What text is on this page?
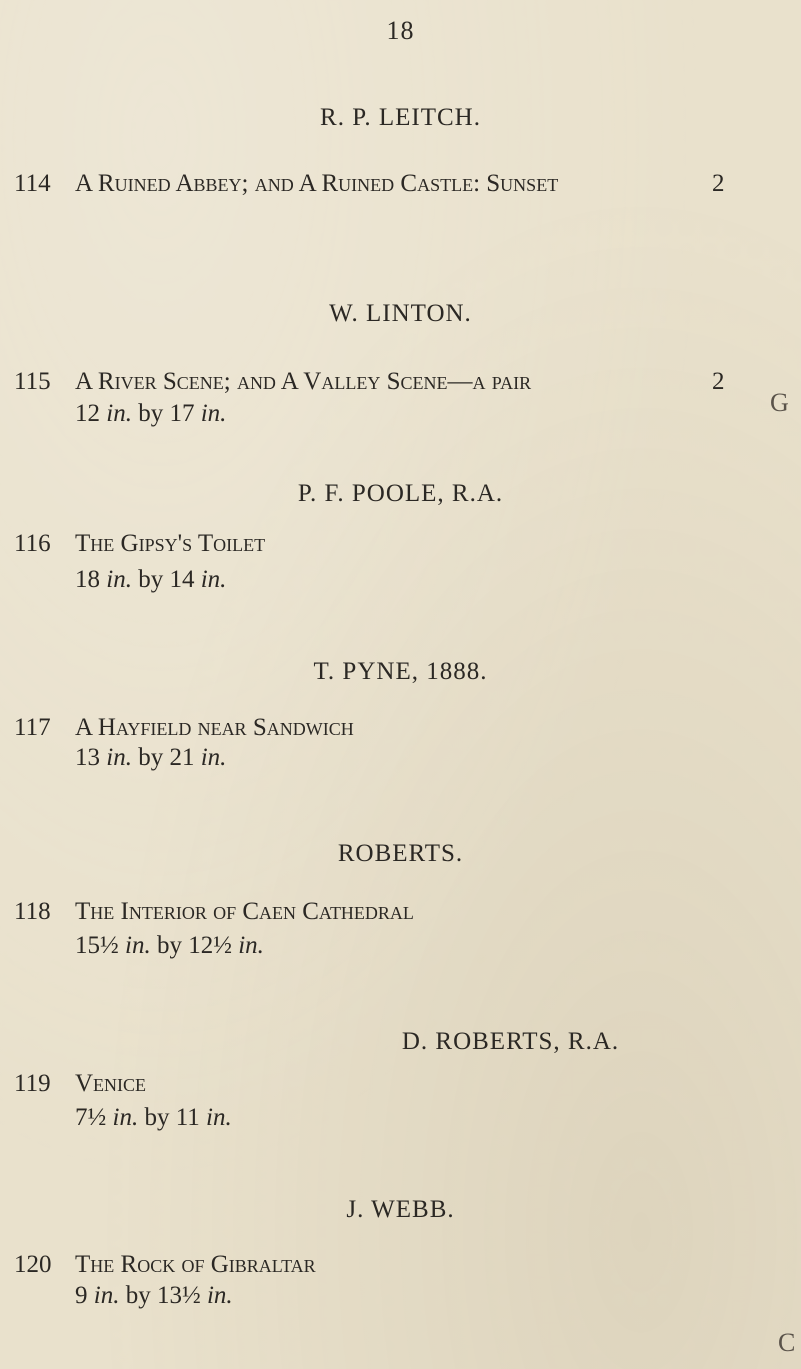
18
R. P. LEITCH.
114 A Ruined Abbey; and A Ruined Castle: Sunset	2
W. LINTON.
115 A River Scene; and A Valley Scene—a pair	2
12 in. by 17 in.
P. F. POOLE, R.A.
116 The Gipsy's Toilet
18 in. by 14 in.
T. PYNE, 1888.
117 A Hayfield near Sandwich
13 in. by 21 in.
ROBERTS.
118 The Interior of Caen Cathedral
15½ in. by 12½ in.
D. ROBERTS, R.A.
119 Venice
7½ in. by 11 in.
J. WEBB.
120 The Rock of Gibraltar
9 in. by 13½ in.
G
C
